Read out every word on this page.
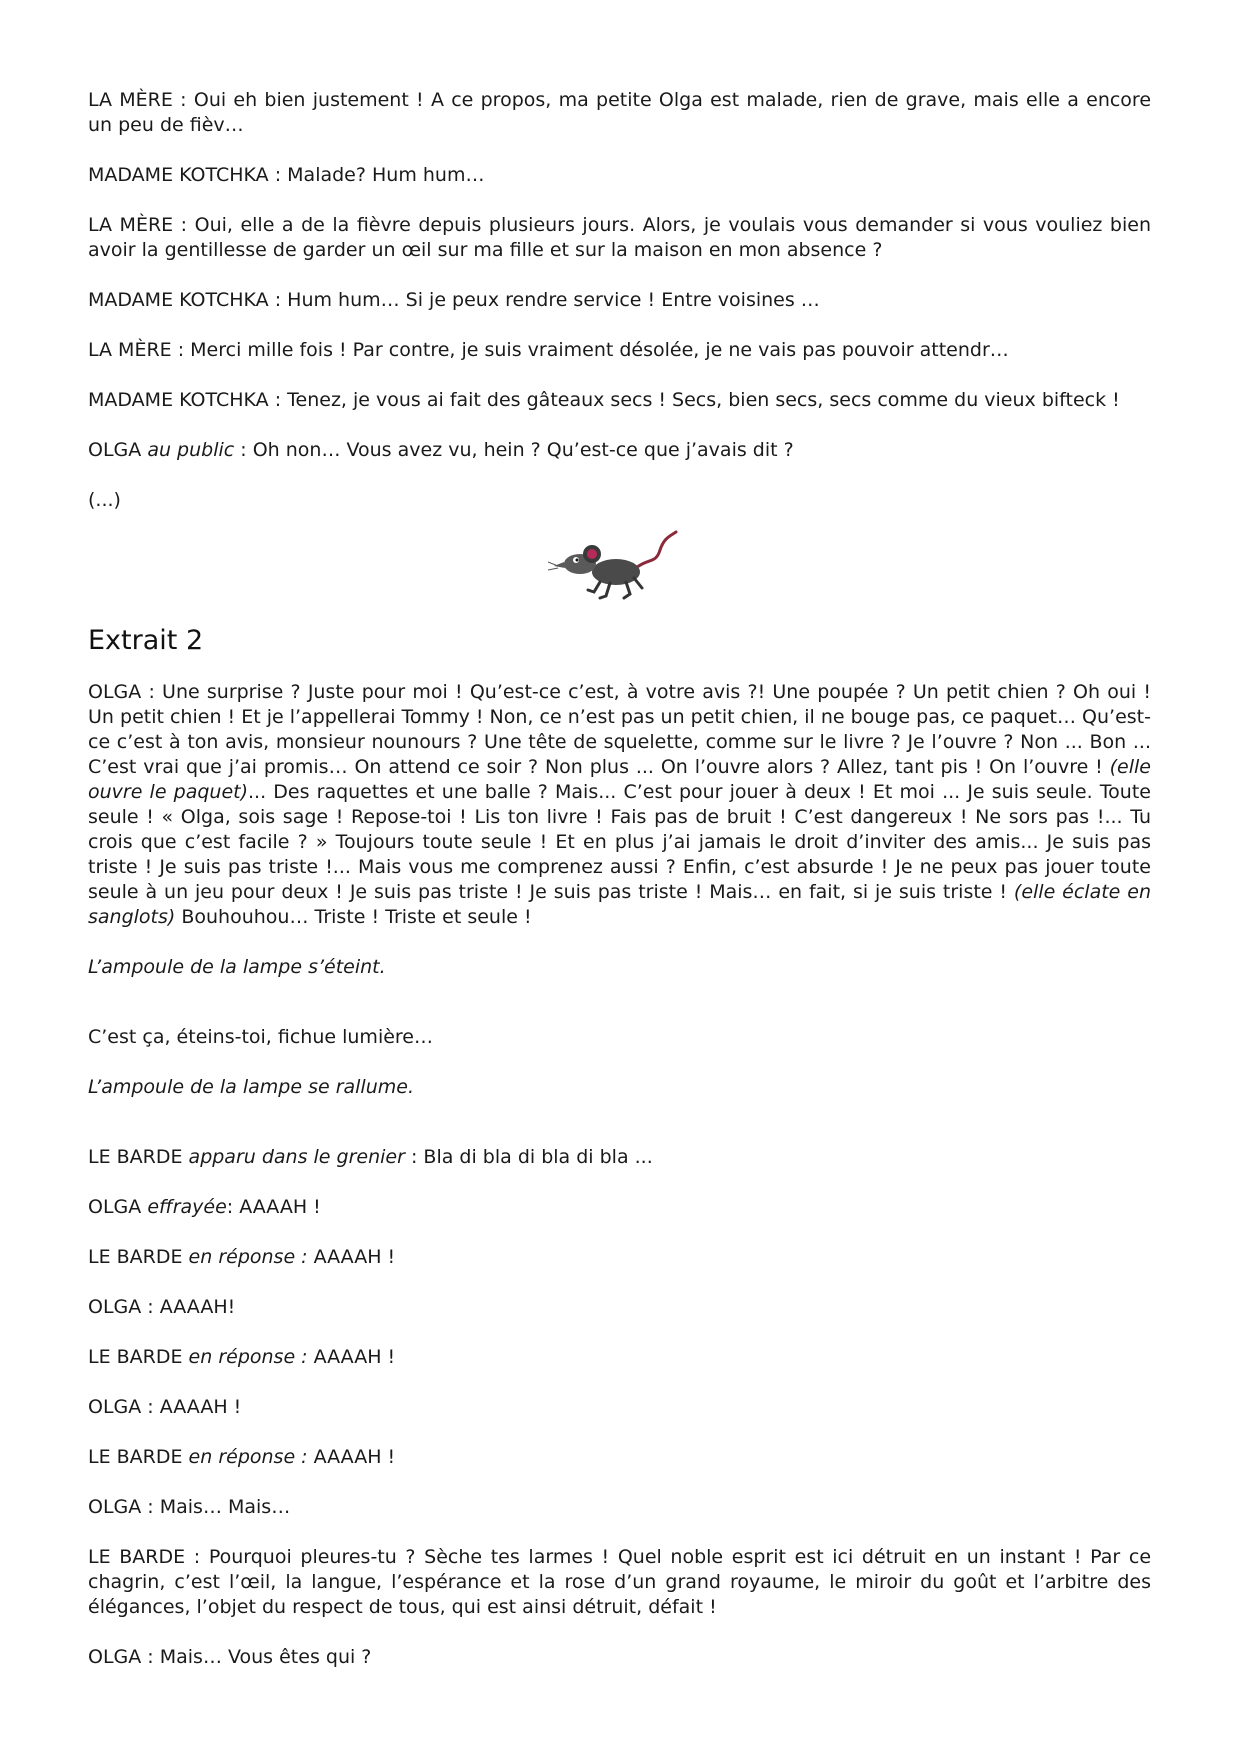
LA MÈRE : Oui eh bien justement ! A ce propos, ma petite Olga est malade, rien de grave, mais elle a encore un peu de fièv…

MADAME KOTCHKA : Malade? Hum hum…

LA MÈRE : Oui, elle a de la fièvre depuis plusieurs jours. Alors, je voulais vous demander si vous vouliez bien avoir la gentillesse de garder un œil sur ma fille et sur la maison en mon absence ?

MADAME KOTCHKA : Hum hum… Si je peux rendre service ! Entre voisines …

LA MÈRE : Merci mille fois ! Par contre, je suis vraiment désolée, je ne vais pas pouvoir attendr…

MADAME KOTCHKA : Tenez, je vous ai fait des gâteaux secs ! Secs, bien secs, secs comme du vieux bifteck !

OLGA au public : Oh non… Vous avez vu, hein ? Qu’est-ce que j’avais dit ?

(...)

Extrait 2

OLGA : Une surprise ? Juste pour moi ! Qu’est-ce c’est, à votre avis ?! Une poupée ? Un petit chien ? Oh oui ! Un petit chien ! Et je l’appellerai Tommy ! Non, ce n’est pas un petit chien, il ne bouge pas, ce paquet… Qu’est-ce c’est à ton avis, monsieur nounours ? Une tête de squelette, comme sur le livre ? Je l’ouvre ? Non ... Bon ... C’est vrai que j’ai promis… On attend ce soir ? Non plus ... On l’ouvre alors ? Allez, tant pis ! On l’ouvre ! (elle ouvre le paquet)... Des raquettes et une balle ? Mais... C’est pour jouer à deux ! Et moi ... Je suis seule. Toute seule ! « Olga, sois sage ! Repose-toi ! Lis ton livre ! Fais pas de bruit ! C’est dangereux ! Ne sors pas !... Tu crois que c’est facile ? » Toujours toute seule ! Et en plus j’ai jamais le droit d’inviter des amis... Je suis pas triste ! Je suis pas triste !... Mais vous me comprenez aussi ? Enfin, c’est absurde ! Je ne peux pas jouer toute seule à un jeu pour deux ! Je suis pas triste ! Je suis pas triste ! Mais… en fait, si je suis triste ! (elle éclate en sanglots) Bouhouhou… Triste ! Triste et seule !

L’ampoule de la lampe s’éteint.

C’est ça, éteins-toi, fichue lumière…

L’ampoule de la lampe se rallume.

LE BARDE apparu dans le grenier : Bla di bla di bla di bla ...

OLGA effrayée: AAAAH !

LE BARDE en réponse : AAAAH !

OLGA : AAAAH!

LE BARDE en réponse : AAAAH !

OLGA : AAAAH !

LE BARDE en réponse : AAAAH !

OLGA : Mais… Mais…

LE BARDE : Pourquoi pleures-tu ? Sèche tes larmes ! Quel noble esprit est ici détruit en un instant ! Par ce chagrin, c’est l’œil, la langue, l’espérance et la rose d’un grand royaume, le miroir du goût et l’arbitre des élégances, l’objet du respect de tous, qui est ainsi détruit, défait !

OLGA : Mais… Vous êtes qui ?
